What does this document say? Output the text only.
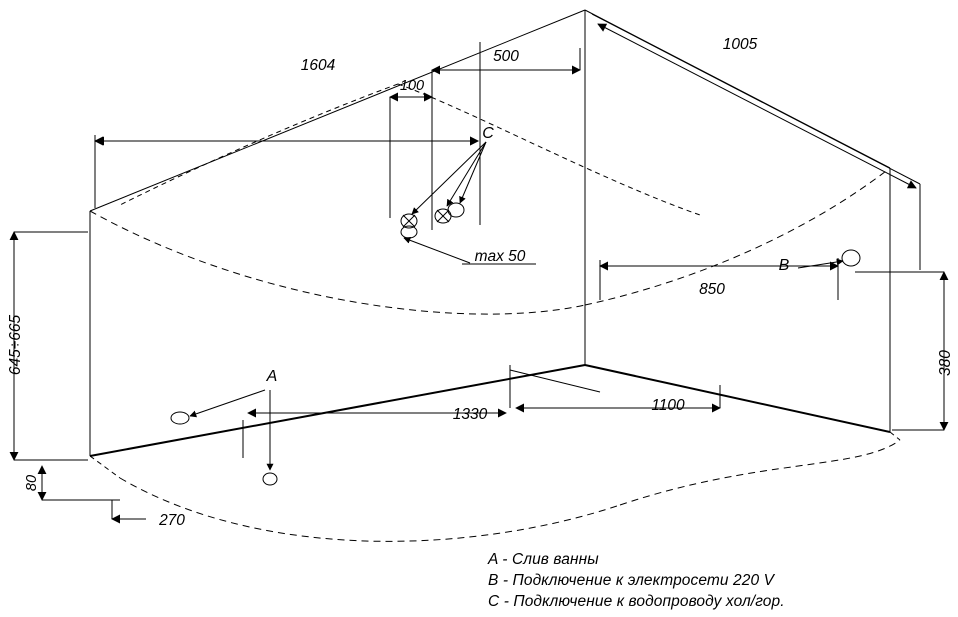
1604
500
100
1005
645÷665
80
270
1330
1100
850
380
C
max 50
A
B
A - Слив ванны
B - Подключение к электросети 220 V
C - Подключение к водопроводу хол/гор.
